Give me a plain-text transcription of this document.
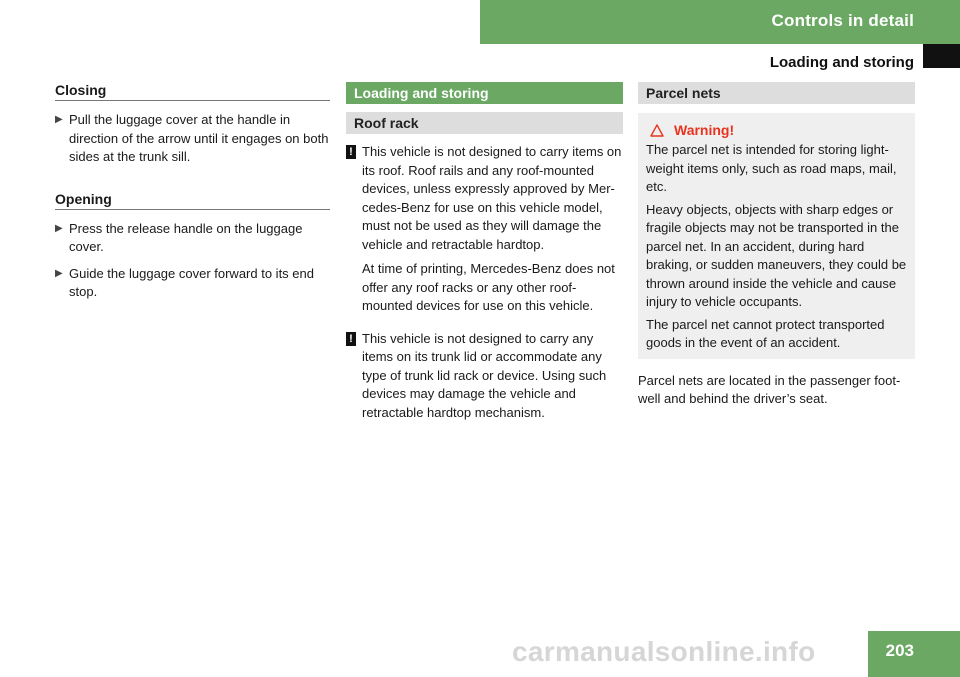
Controls in detail
Loading and storing
Closing
▶ Pull the luggage cover at the handle in direction of the arrow until it engages on both sides at the trunk sill.
Opening
▶ Press the release handle on the luggage cover.
▶ Guide the luggage cover forward to its end stop.
Loading and storing
Roof rack
! This vehicle is not designed to carry items on its roof. Roof rails and any roof-mounted devices, unless expressly approved by Mer-cedes-Benz for use on this vehicle model, must not be used as they will damage the vehicle and retractable hardtop.

At time of printing, Mercedes-Benz does not offer any roof racks or any other roof-mounted devices for use on this vehicle.

! This vehicle is not designed to carry any items on its trunk lid or accommodate any type of trunk lid rack or device. Using such devices may damage the vehicle and retractable hardtop mechanism.

Parcel nets
Warning!

The parcel net is intended for storing light-weight items only, such as road maps, mail, etc.

Heavy objects, objects with sharp edges or fragile objects may not be transported in the parcel net. In an accident, during hard braking, or sudden maneuvers, they could be thrown around inside the vehicle and cause injury to vehicle occupants.

The parcel net cannot protect transported goods in the event of an accident.

Parcel nets are located in the passenger foot-well and behind the driver’s seat.
203
carmanualsonline.info
